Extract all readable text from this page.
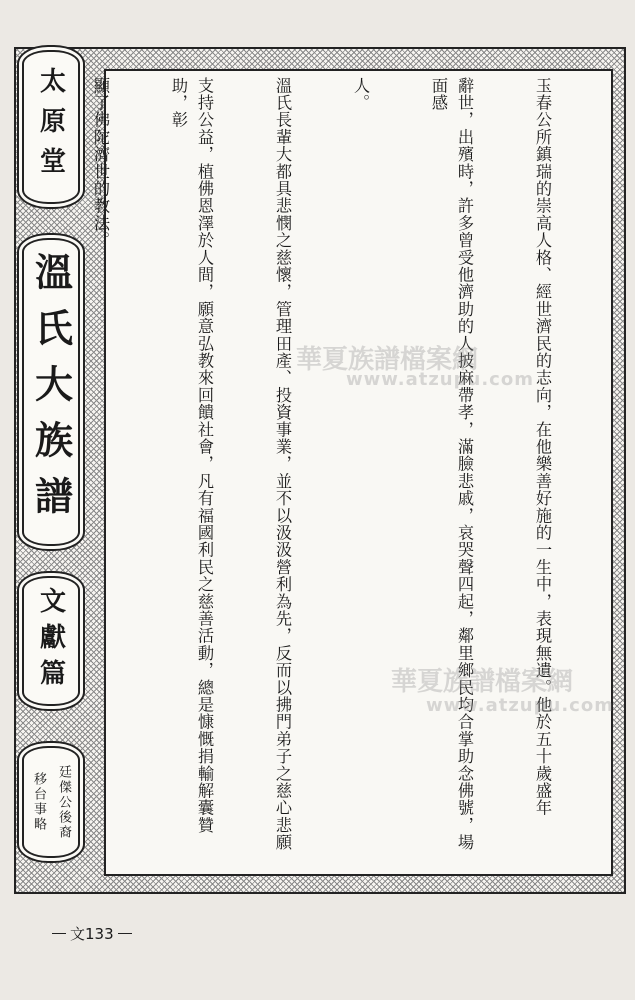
玉春公所鎮瑞的崇高人格、經世濟民的志向，在他樂善好施的一生中，表現無遺。他於五十歲盛年

辭世，出殯時，許多曾受他濟助的人披麻帶孝，滿臉悲戚，哀哭聲四起，鄰里鄉民均合掌助念佛號，場面感

人。

溫氏長輩大都具悲憫之慈懷，管理田產、投資事業，並不以汲汲營利為先，反而以拂門弟子之慈心悲願

支持公益，植佛恩澤於人間，願意弘教來回饋社會，凡有福國利民之慈善活動，總是慷慨捐輸解囊贊助，彰

顯了佛陀濟世的教法。

華夏族譜檔案網
www.atzupu.com
華夏族譜檔案網
www.atzupu.com

太原堂

溫氏大族譜

文獻篇

廷傑公後裔

移台事略

文133
